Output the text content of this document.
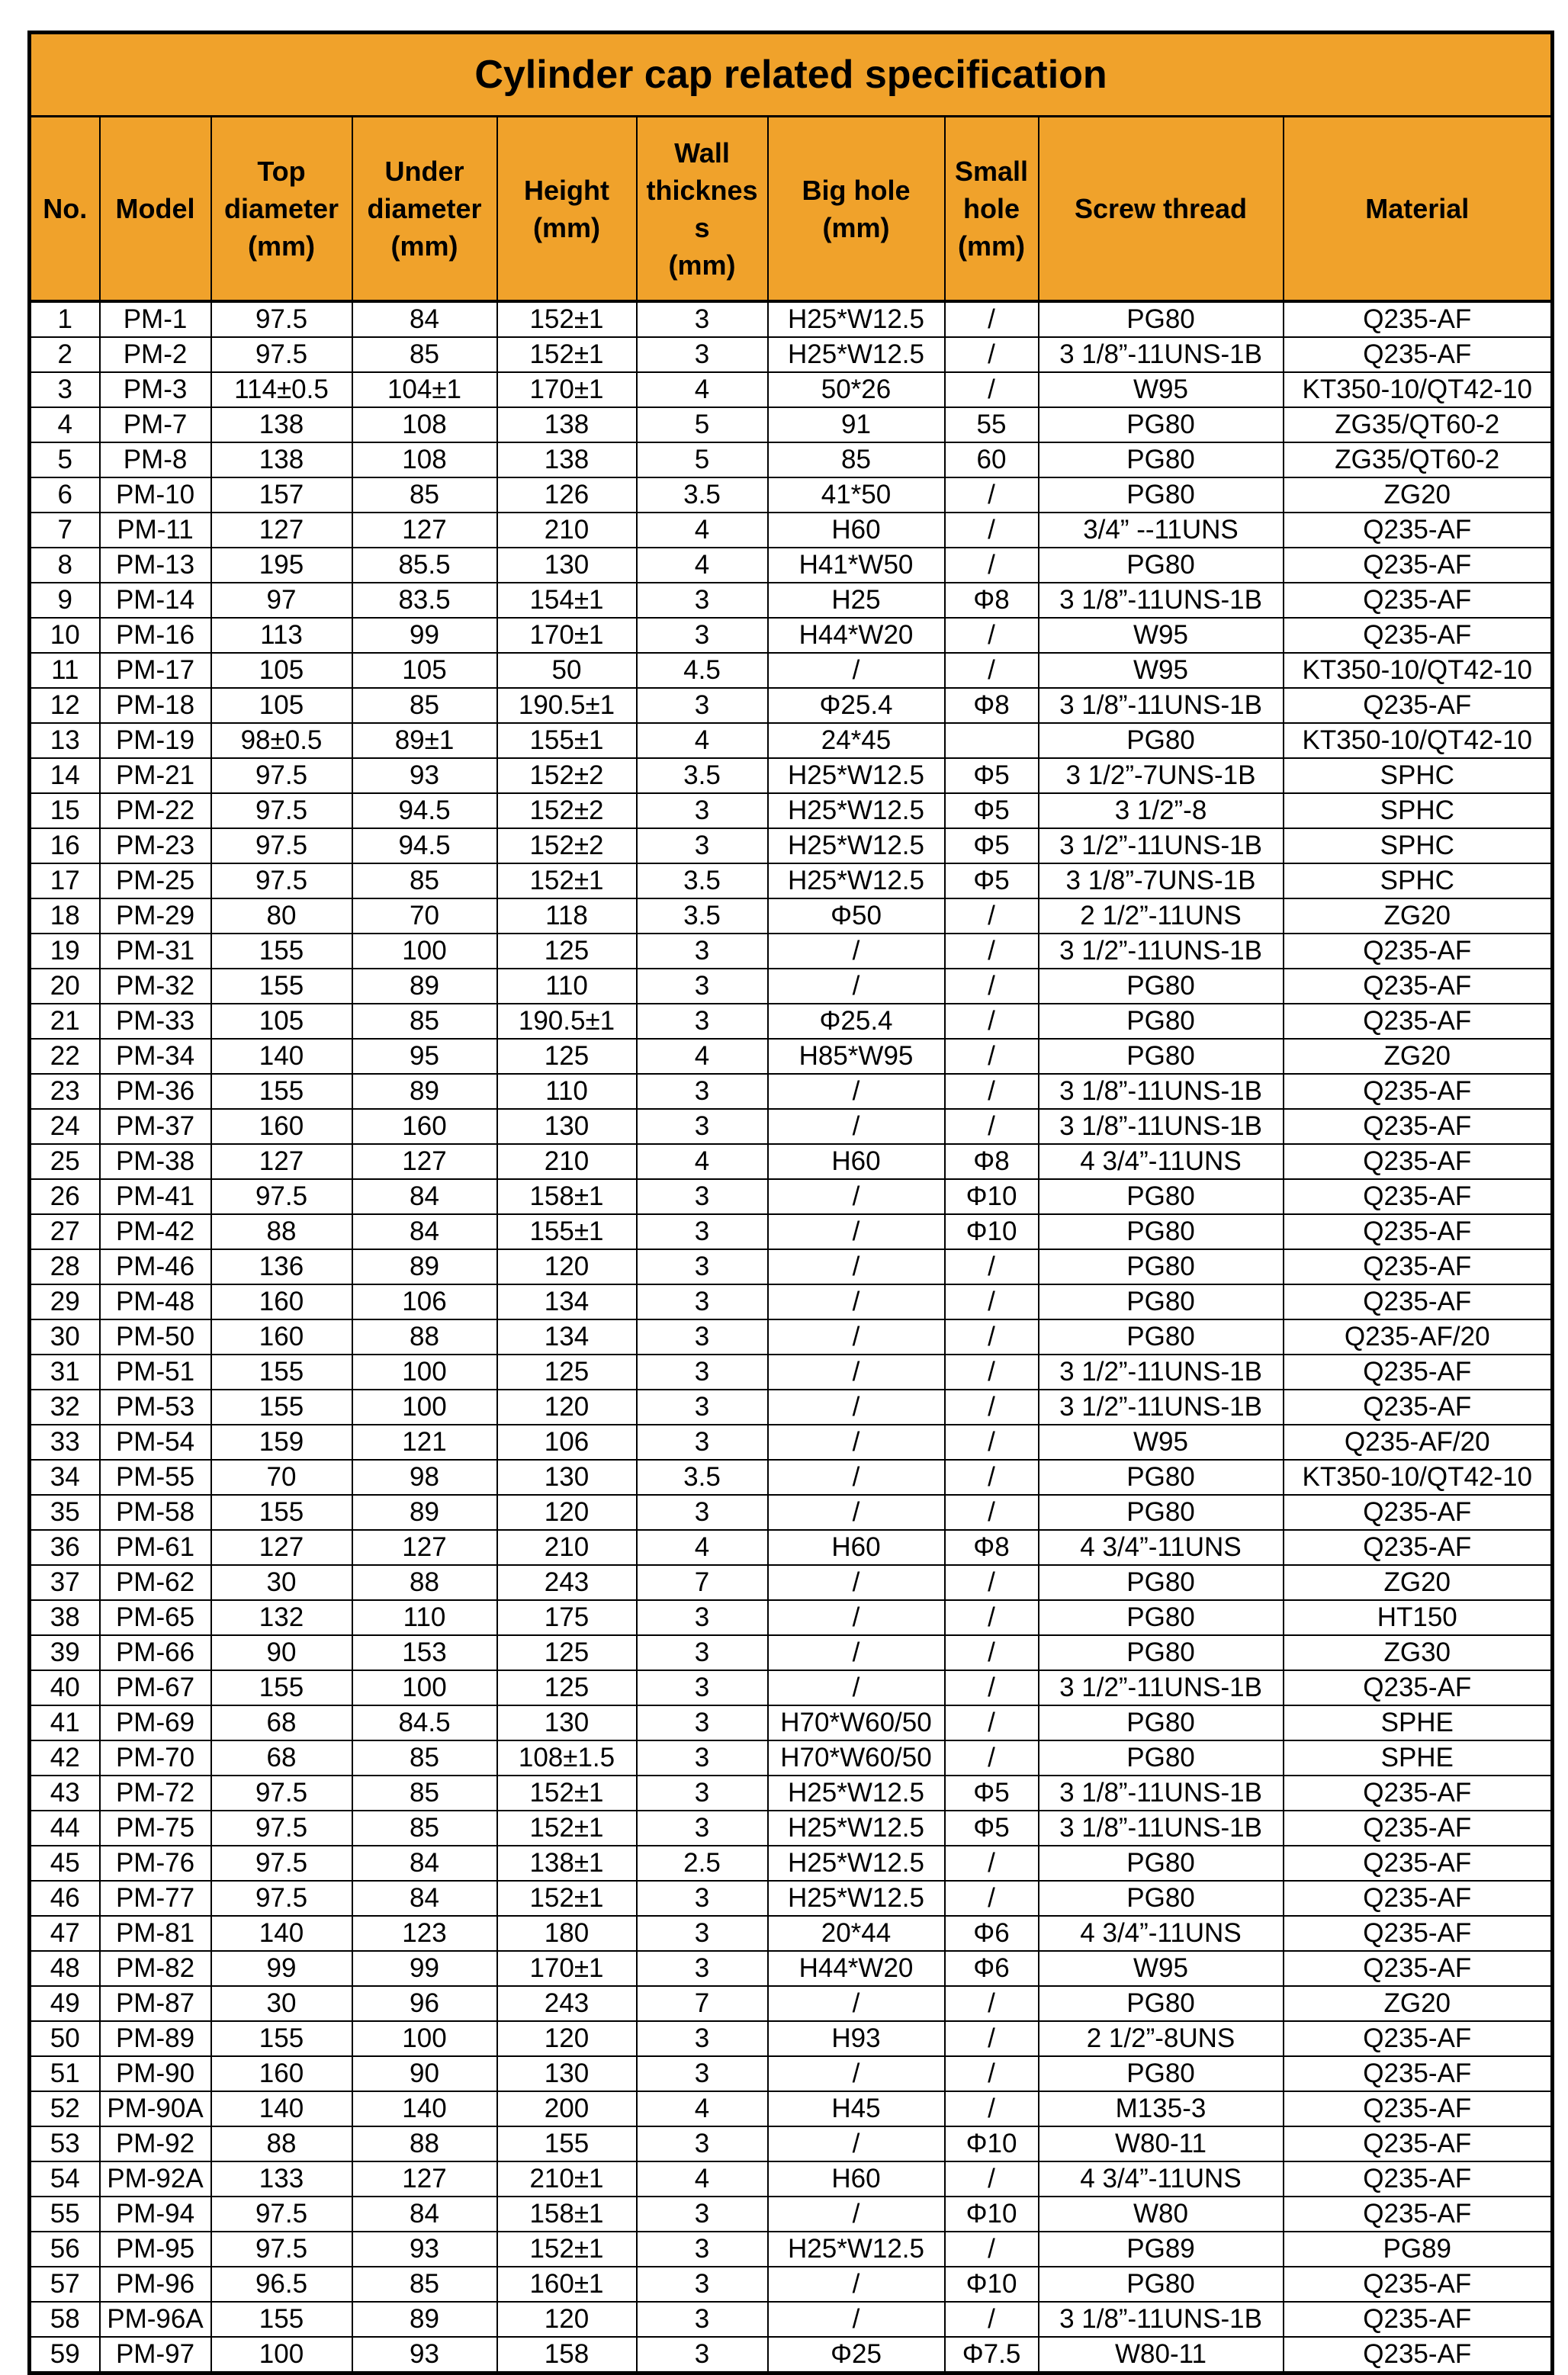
Cylinder cap related specification									

No.	Model	Top
diameter
(mm)	Under
diameter
(mm)	Height
(mm)	Wall
thicknes
s
(mm)	Big hole
(mm)	Small
hole
(mm)	Screw thread	Material

1	PM-1	97.5	84	152±1	3	H25*W12.5	/	PG80	Q235-AF
2	PM-2	97.5	85	152±1	3	H25*W12.5	/	3 1/8”-11UNS-1B	Q235-AF
3	PM-3	114±0.5	104±1	170±1	4	50*26	/	W95	KT350-10/QT42-10
4	PM-7	138	108	138	5	91	55	PG80	ZG35/QT60-2
5	PM-8	138	108	138	5	85	60	PG80	ZG35/QT60-2
6	PM-10	157	85	126	3.5	41*50	/	PG80	ZG20
7	PM-11	127	127	210	4	H60	/	3/4” --11UNS	Q235-AF
8	PM-13	195	85.5	130	4	H41*W50	/	PG80	Q235-AF
9	PM-14	97	83.5	154±1	3	H25	Φ8	3 1/8”-11UNS-1B	Q235-AF
10	PM-16	113	99	170±1	3	H44*W20	/	W95	Q235-AF
11	PM-17	105	105	50	4.5	/	/	W95	KT350-10/QT42-10
12	PM-18	105	85	190.5±1	3	Φ25.4	Φ8	3 1/8”-11UNS-1B	Q235-AF
13	PM-19	98±0.5	89±1	155±1	4	24*45		PG80	KT350-10/QT42-10
14	PM-21	97.5	93	152±2	3.5	H25*W12.5	Φ5	3 1/2”-7UNS-1B	SPHC
15	PM-22	97.5	94.5	152±2	3	H25*W12.5	Φ5	3 1/2”-8	SPHC
16	PM-23	97.5	94.5	152±2	3	H25*W12.5	Φ5	3 1/2”-11UNS-1B	SPHC
17	PM-25	97.5	85	152±1	3.5	H25*W12.5	Φ5	3 1/8”-7UNS-1B	SPHC
18	PM-29	80	70	118	3.5	Φ50	/	2 1/2”-11UNS	ZG20
19	PM-31	155	100	125	3	/	/	3 1/2”-11UNS-1B	Q235-AF
20	PM-32	155	89	110	3	/	/	PG80	Q235-AF
21	PM-33	105	85	190.5±1	3	Φ25.4	/	PG80	Q235-AF
22	PM-34	140	95	125	4	H85*W95	/	PG80	ZG20
23	PM-36	155	89	110	3	/	/	3 1/8”-11UNS-1B	Q235-AF
24	PM-37	160	160	130	3	/	/	3 1/8”-11UNS-1B	Q235-AF
25	PM-38	127	127	210	4	H60	Φ8	4 3/4”-11UNS	Q235-AF
26	PM-41	97.5	84	158±1	3	/	Φ10	PG80	Q235-AF
27	PM-42	88	84	155±1	3	/	Φ10	PG80	Q235-AF
28	PM-46	136	89	120	3	/	/	PG80	Q235-AF
29	PM-48	160	106	134	3	/	/	PG80	Q235-AF
30	PM-50	160	88	134	3	/	/	PG80	Q235-AF/20
31	PM-51	155	100	125	3	/	/	3 1/2”-11UNS-1B	Q235-AF
32	PM-53	155	100	120	3	/	/	3 1/2”-11UNS-1B	Q235-AF
33	PM-54	159	121	106	3	/	/	W95	Q235-AF/20
34	PM-55	70	98	130	3.5	/	/	PG80	KT350-10/QT42-10
35	PM-58	155	89	120	3	/	/	PG80	Q235-AF
36	PM-61	127	127	210	4	H60	Φ8	4 3/4”-11UNS	Q235-AF
37	PM-62	30	88	243	7	/	/	PG80	ZG20
38	PM-65	132	110	175	3	/	/	PG80	HT150
39	PM-66	90	153	125	3	/	/	PG80	ZG30
40	PM-67	155	100	125	3	/	/	3 1/2”-11UNS-1B	Q235-AF
41	PM-69	68	84.5	130	3	H70*W60/50	/	PG80	SPHE
42	PM-70	68	85	108±1.5	3	H70*W60/50	/	PG80	SPHE
43	PM-72	97.5	85	152±1	3	H25*W12.5	Φ5	3 1/8”-11UNS-1B	Q235-AF
44	PM-75	97.5	85	152±1	3	H25*W12.5	Φ5	3 1/8”-11UNS-1B	Q235-AF
45	PM-76	97.5	84	138±1	2.5	H25*W12.5	/	PG80	Q235-AF
46	PM-77	97.5	84	152±1	3	H25*W12.5	/	PG80	Q235-AF
47	PM-81	140	123	180	3	20*44	Φ6	4 3/4”-11UNS	Q235-AF
48	PM-82	99	99	170±1	3	H44*W20	Φ6	W95	Q235-AF
49	PM-87	30	96	243	7	/	/	PG80	ZG20
50	PM-89	155	100	120	3	H93	/	2 1/2”-8UNS	Q235-AF
51	PM-90	160	90	130	3	/	/	PG80	Q235-AF
52	PM-90A	140	140	200	4	H45	/	M135-3	Q235-AF
53	PM-92	88	88	155	3	/	Φ10	W80-11	Q235-AF
54	PM-92A	133	127	210±1	4	H60	/	4 3/4”-11UNS	Q235-AF
55	PM-94	97.5	84	158±1	3	/	Φ10	W80	Q235-AF
56	PM-95	97.5	93	152±1	3	H25*W12.5	/	PG89	PG89
57	PM-96	96.5	85	160±1	3	/	Φ10	PG80	Q235-AF
58	PM-96A	155	89	120	3	/	/	3 1/8”-11UNS-1B	Q235-AF
59	PM-97	100	93	158	3	Φ25	Φ7.5	W80-11	Q235-AF
